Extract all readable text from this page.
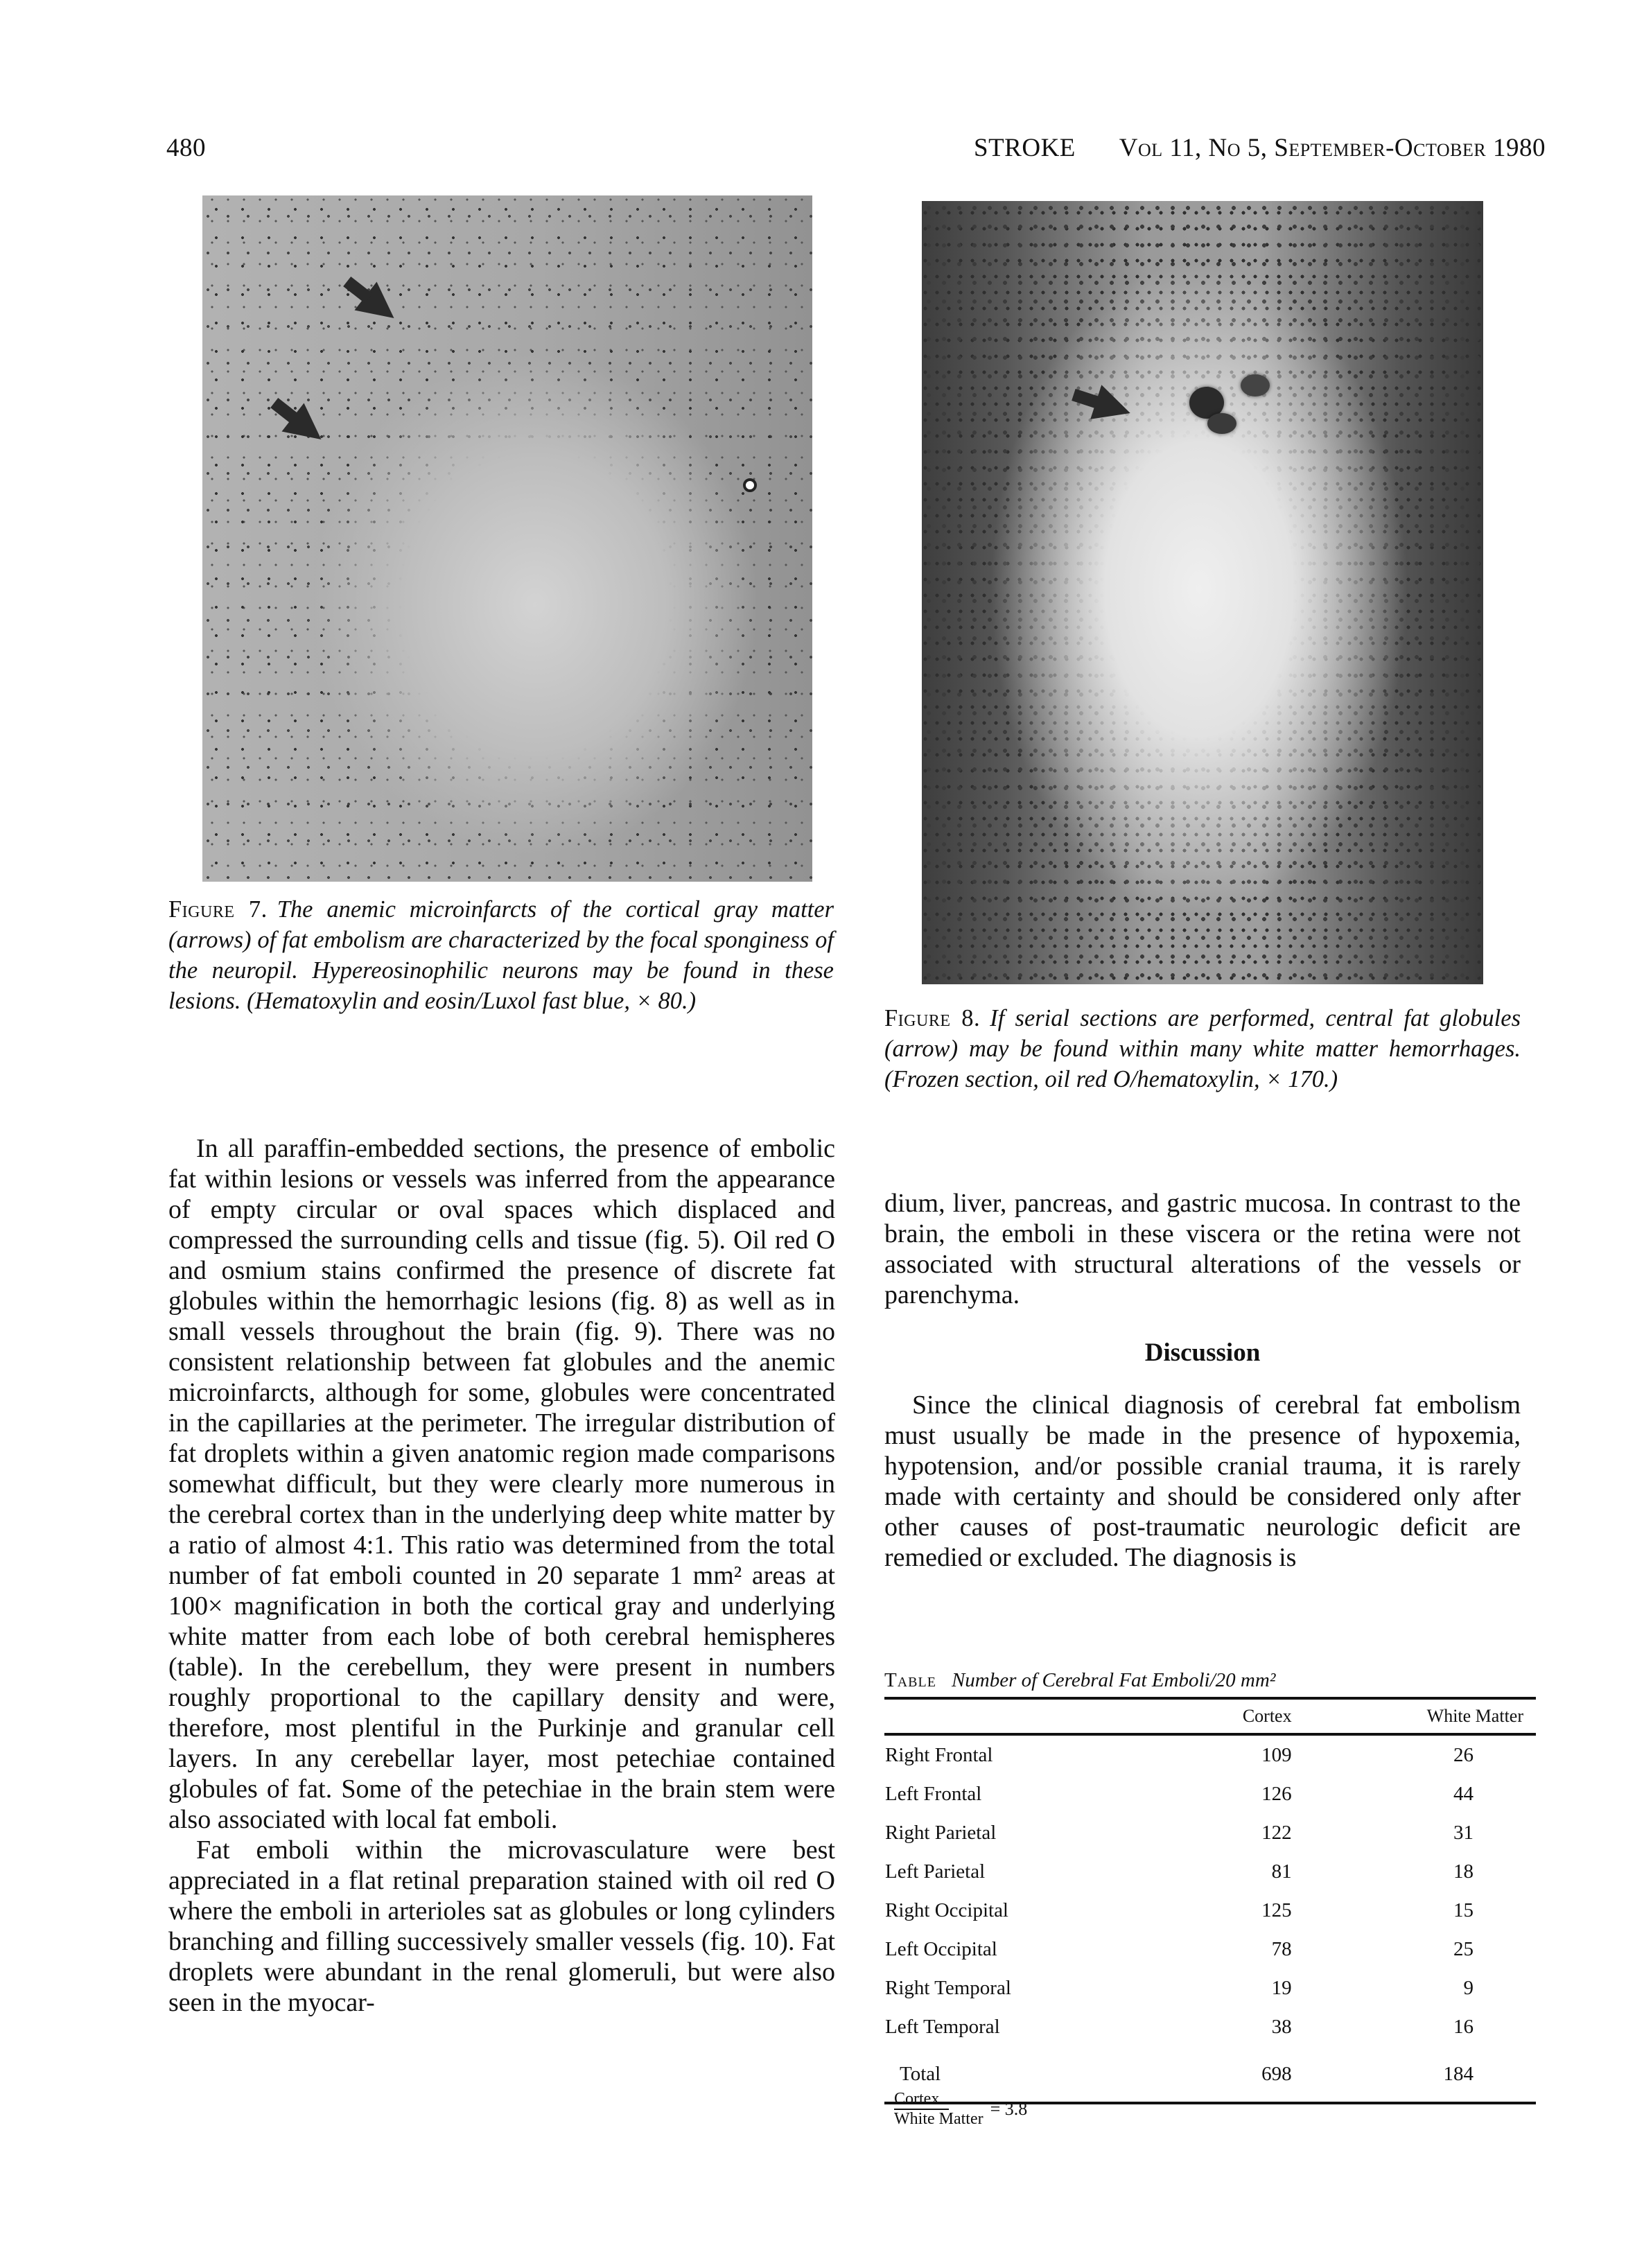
480	STROKE Vol 11, No 5, September-October 1980
Figure 7. The anemic microinfarcts of the cortical gray matter (arrows) of fat embolism are characterized by the focal sponginess of the neuropil. Hypereosinophilic neurons may be found in these lesions. (Hematoxylin and eosin/Luxol fast blue, × 80.)
Figure 8. If serial sections are performed, central fat globules (arrow) may be found within many white matter hemorrhages. (Frozen section, oil red O/hematoxylin, × 170.)

In all paraffin-embedded sections, the presence of embolic fat within lesions or vessels was inferred from the appearance of empty circular or oval spaces which displaced and compressed the surrounding cells and tissue (fig. 5). Oil red O and osmium stains confirmed the presence of discrete fat globules within the hemorrhagic lesions (fig. 8) as well as in small vessels throughout the brain (fig. 9). There was no consistent relationship between fat globules and the anemic microinfarcts, although for some, globules were concentrated in the capillaries at the perimeter. The irregular distribution of fat droplets within a given anatomic region made comparisons somewhat difficult, but they were clearly more numerous in the cerebral cortex than in the underlying deep white matter by a ratio of almost 4:1. This ratio was determined from the total number of fat emboli counted in 20 separate 1 mm² areas at 100× magnification in both the cortical gray and underlying white matter from each lobe of both cerebral hemispheres (table). In the cerebellum, they were present in numbers roughly proportional to the capillary density and were, therefore, most plentiful in the Purkinje and granular cell layers. In any cerebellar layer, most petechiae contained globules of fat. Some of the petechiae in the brain stem were also associated with local fat emboli.

Fat emboli within the microvasculature were best appreciated in a flat retinal preparation stained with oil red O where the emboli in arterioles sat as globules or long cylinders branching and filling successively smaller vessels (fig. 10). Fat droplets were abundant in the renal glomeruli, but were also seen in the myocar-

dium, liver, pancreas, and gastric mucosa. In contrast to the brain, the emboli in these viscera or the retina were not associated with structural alterations of the vessels or parenchyma.

Discussion

Since the clinical diagnosis of cerebral fat embolism must usually be made in the presence of hypoxemia, hypotension, and/or possible cranial trauma, it is rarely made with certainty and should be considered only after other causes of post-traumatic neurologic deficit are remedied or excluded. The diagnosis is

Table Number of Cerebral Fat Emboli/20 mm²
	Cortex	White Matter
Right Frontal	109	26
Left Frontal	126	44
Right Parietal	122	31
Left Parietal	81	18
Right Occipital	125	15
Left Occipital	78	25
Right Temporal	19	9
Left Temporal	38	16
Total	698	184
$\frac{\text{Cortex}}{\text{White Matter}} = 3.8$
